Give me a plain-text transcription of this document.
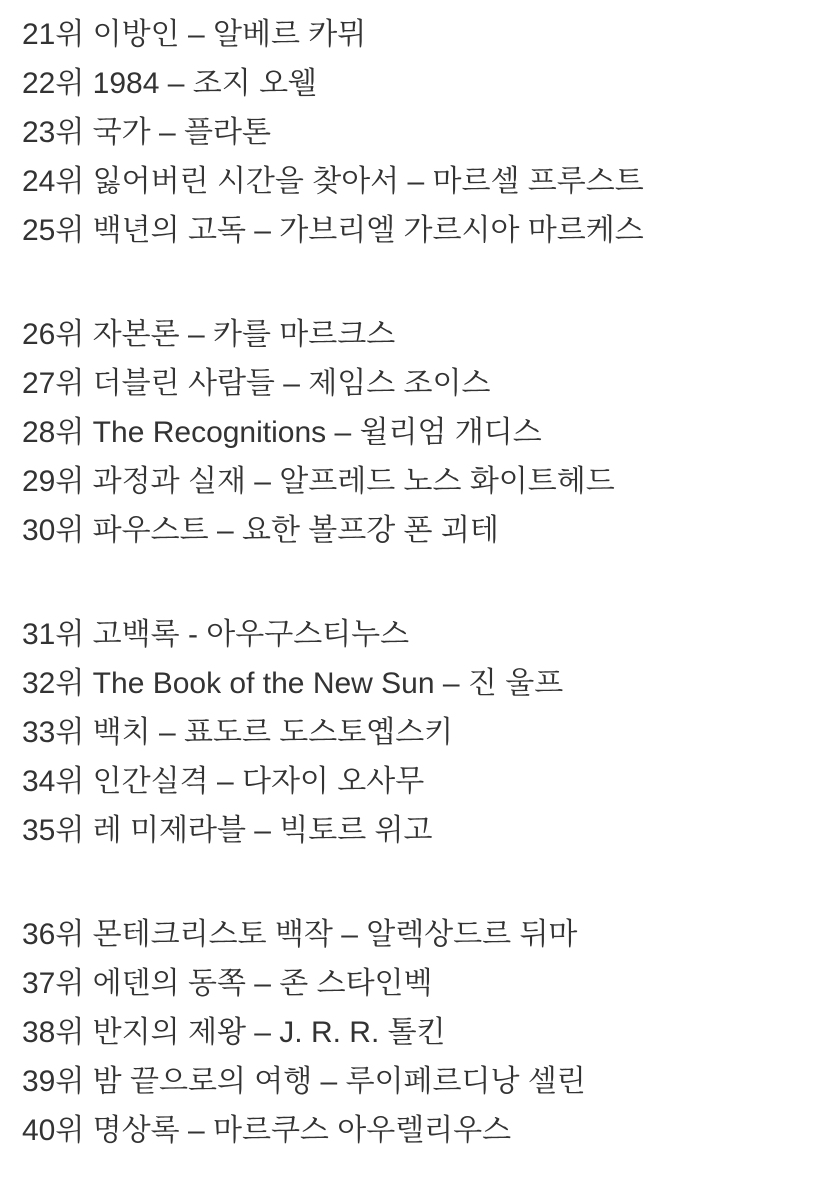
21위 이방인 – 알베르 카뮈
22위 1984 – 조지 오웰
23위 국가 – 플라톤
24위 잃어버린 시간을 찾아서 – 마르셀 프루스트
25위 백년의 고독 – 가브리엘 가르시아 마르케스
26위 자본론 – 카를 마르크스
27위 더블린 사람들 – 제임스 조이스
28위 The Recognitions – 윌리엄 개디스
29위 과정과 실재 – 알프레드 노스 화이트헤드
30위 파우스트 – 요한 볼프강 폰 괴테
31위 고백록 - 아우구스티누스
32위 The Book of the New Sun – 진 울프
33위 백치 – 표도르 도스토옙스키
34위 인간실격 – 다자이 오사무
35위 레 미제라블 – 빅토르 위고
36위 몬테크리스토 백작 – 알렉상드르 뒤마
37위 에덴의 동쪽 – 존 스타인벡
38위 반지의 제왕 – J. R. R. 톨킨
39위 밤 끝으로의 여행 – 루이페르디낭 셀린
40위 명상록 – 마르쿠스 아우렐리우스
